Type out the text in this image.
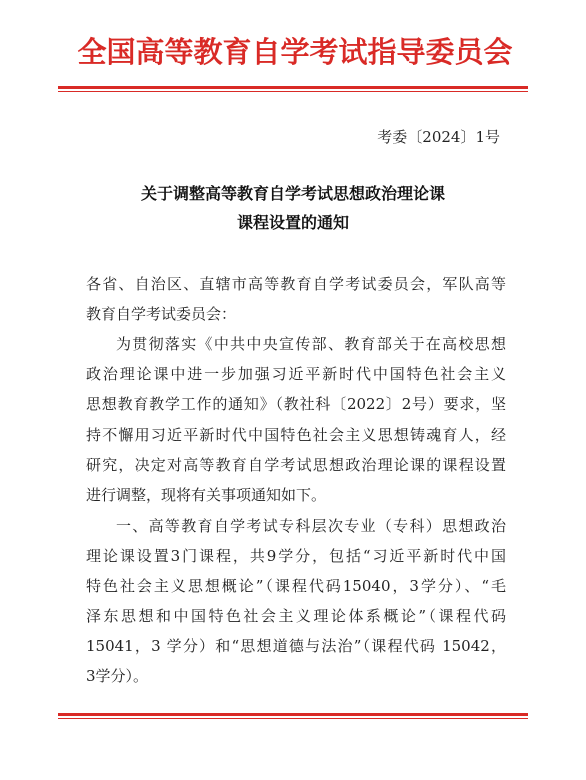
全国高等教育自学考试指导委员会
考委〔2024〕1号
关于调整高等教育自学考试思想政治理论课
课程设置的通知
各省、自治区、直辖市高等教育自学考试委员会，军队高等
教育自学考试委员会：
为贯彻落实《中共中央宣传部、教育部关于在高校思想
政治理论课中进一步加强习近平新时代中国特色社会主义
思想教育教学工作的通知》（教社科〔2022〕2号）要求，坚
持不懈用习近平新时代中国特色社会主义思想铸魂育人，经
研究，决定对高等教育自学考试思想政治理论课的课程设置
进行调整，现将有关事项通知如下。
一、高等教育自学考试专科层次专业（专科）思想政治
理论课设置3门课程，共9学分，包括“习近平新时代中国
特色社会主义思想概论”（课程代码15040，3学分）、“毛
泽东思想和中国特色社会主义理论体系概论”（课程代码
15041，3 学分）和“思想道德与法治”（课程代码 15042，
3学分）。
